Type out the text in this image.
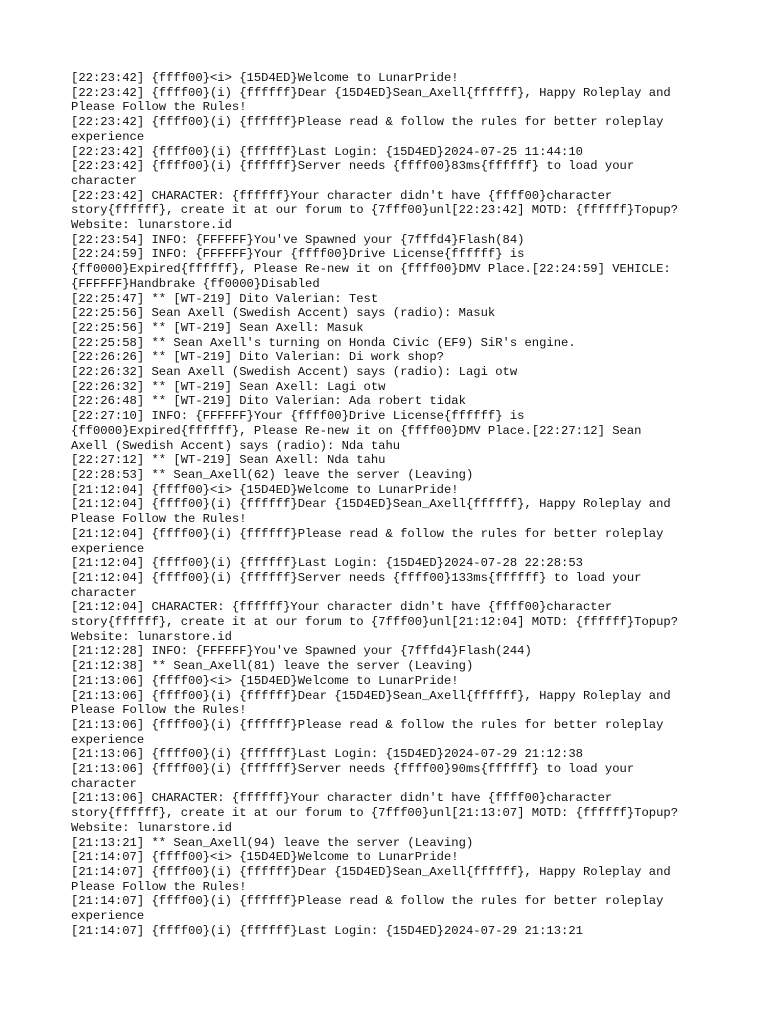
[22:23:42] {ffff00}<i> {15D4ED}Welcome to LunarPride!

[22:23:42] {ffff00}(i) {ffffff}Dear {15D4ED}Sean_Axell{ffffff}, Happy Roleplay and

Please Follow the Rules!

[22:23:42] {ffff00}(i) {ffffff}Please read & follow the rules for better roleplay

experience

[22:23:42] {ffff00}(i) {ffffff}Last Login: {15D4ED}2024-07-25 11:44:10

[22:23:42] {ffff00}(i) {ffffff}Server needs {ffff00}83ms{ffffff} to load your

character

[22:23:42] CHARACTER: {ffffff}Your character didn't have {ffff00}character

story{ffffff}, create it at our forum to {7fff00}unl[22:23:42] MOTD: {ffffff}Topup?

Website: lunarstore.id

[22:23:54] INFO: {FFFFFF}You've Spawned your {7fffd4}Flash(84)

[22:24:59] INFO: {FFFFFF}Your {ffff00}Drive License{ffffff} is

{ff0000}Expired{ffffff}, Please Re-new it on {ffff00}DMV Place.[22:24:59] VEHICLE:

{FFFFFF}Handbrake {ff0000}Disabled

[22:25:47] ** [WT-219] Dito Valerian: Test

[22:25:56] Sean Axell (Swedish Accent) says (radio): Masuk

[22:25:56] ** [WT-219] Sean Axell: Masuk

[22:25:58] ** Sean Axell's turning on Honda Civic (EF9) SiR's engine.

[22:26:26] ** [WT-219] Dito Valerian: Di work shop?

[22:26:32] Sean Axell (Swedish Accent) says (radio): Lagi otw

[22:26:32] ** [WT-219] Sean Axell: Lagi otw

[22:26:48] ** [WT-219] Dito Valerian: Ada robert tidak

[22:27:10] INFO: {FFFFFF}Your {ffff00}Drive License{ffffff} is

{ff0000}Expired{ffffff}, Please Re-new it on {ffff00}DMV Place.[22:27:12] Sean

Axell (Swedish Accent) says (radio): Nda tahu

[22:27:12] ** [WT-219] Sean Axell: Nda tahu

[22:28:53] ** Sean_Axell(62) leave the server (Leaving)

[21:12:04] {ffff00}<i> {15D4ED}Welcome to LunarPride!

[21:12:04] {ffff00}(i) {ffffff}Dear {15D4ED}Sean_Axell{ffffff}, Happy Roleplay and

Please Follow the Rules!

[21:12:04] {ffff00}(i) {ffffff}Please read & follow the rules for better roleplay

experience

[21:12:04] {ffff00}(i) {ffffff}Last Login: {15D4ED}2024-07-28 22:28:53

[21:12:04] {ffff00}(i) {ffffff}Server needs {ffff00}133ms{ffffff} to load your

character

[21:12:04] CHARACTER: {ffffff}Your character didn't have {ffff00}character

story{ffffff}, create it at our forum to {7fff00}unl[21:12:04] MOTD: {ffffff}Topup?

Website: lunarstore.id

[21:12:28] INFO: {FFFFFF}You've Spawned your {7fffd4}Flash(244)

[21:12:38] ** Sean_Axell(81) leave the server (Leaving)

[21:13:06] {ffff00}<i> {15D4ED}Welcome to LunarPride!

[21:13:06] {ffff00}(i) {ffffff}Dear {15D4ED}Sean_Axell{ffffff}, Happy Roleplay and

Please Follow the Rules!

[21:13:06] {ffff00}(i) {ffffff}Please read & follow the rules for better roleplay

experience

[21:13:06] {ffff00}(i) {ffffff}Last Login: {15D4ED}2024-07-29 21:12:38

[21:13:06] {ffff00}(i) {ffffff}Server needs {ffff00}90ms{ffffff} to load your

character

[21:13:06] CHARACTER: {ffffff}Your character didn't have {ffff00}character

story{ffffff}, create it at our forum to {7fff00}unl[21:13:07] MOTD: {ffffff}Topup?

Website: lunarstore.id

[21:13:21] ** Sean_Axell(94) leave the server (Leaving)

[21:14:07] {ffff00}<i> {15D4ED}Welcome to LunarPride!

[21:14:07] {ffff00}(i) {ffffff}Dear {15D4ED}Sean_Axell{ffffff}, Happy Roleplay and

Please Follow the Rules!

[21:14:07] {ffff00}(i) {ffffff}Please read & follow the rules for better roleplay

experience

[21:14:07] {ffff00}(i) {ffffff}Last Login: {15D4ED}2024-07-29 21:13:21
